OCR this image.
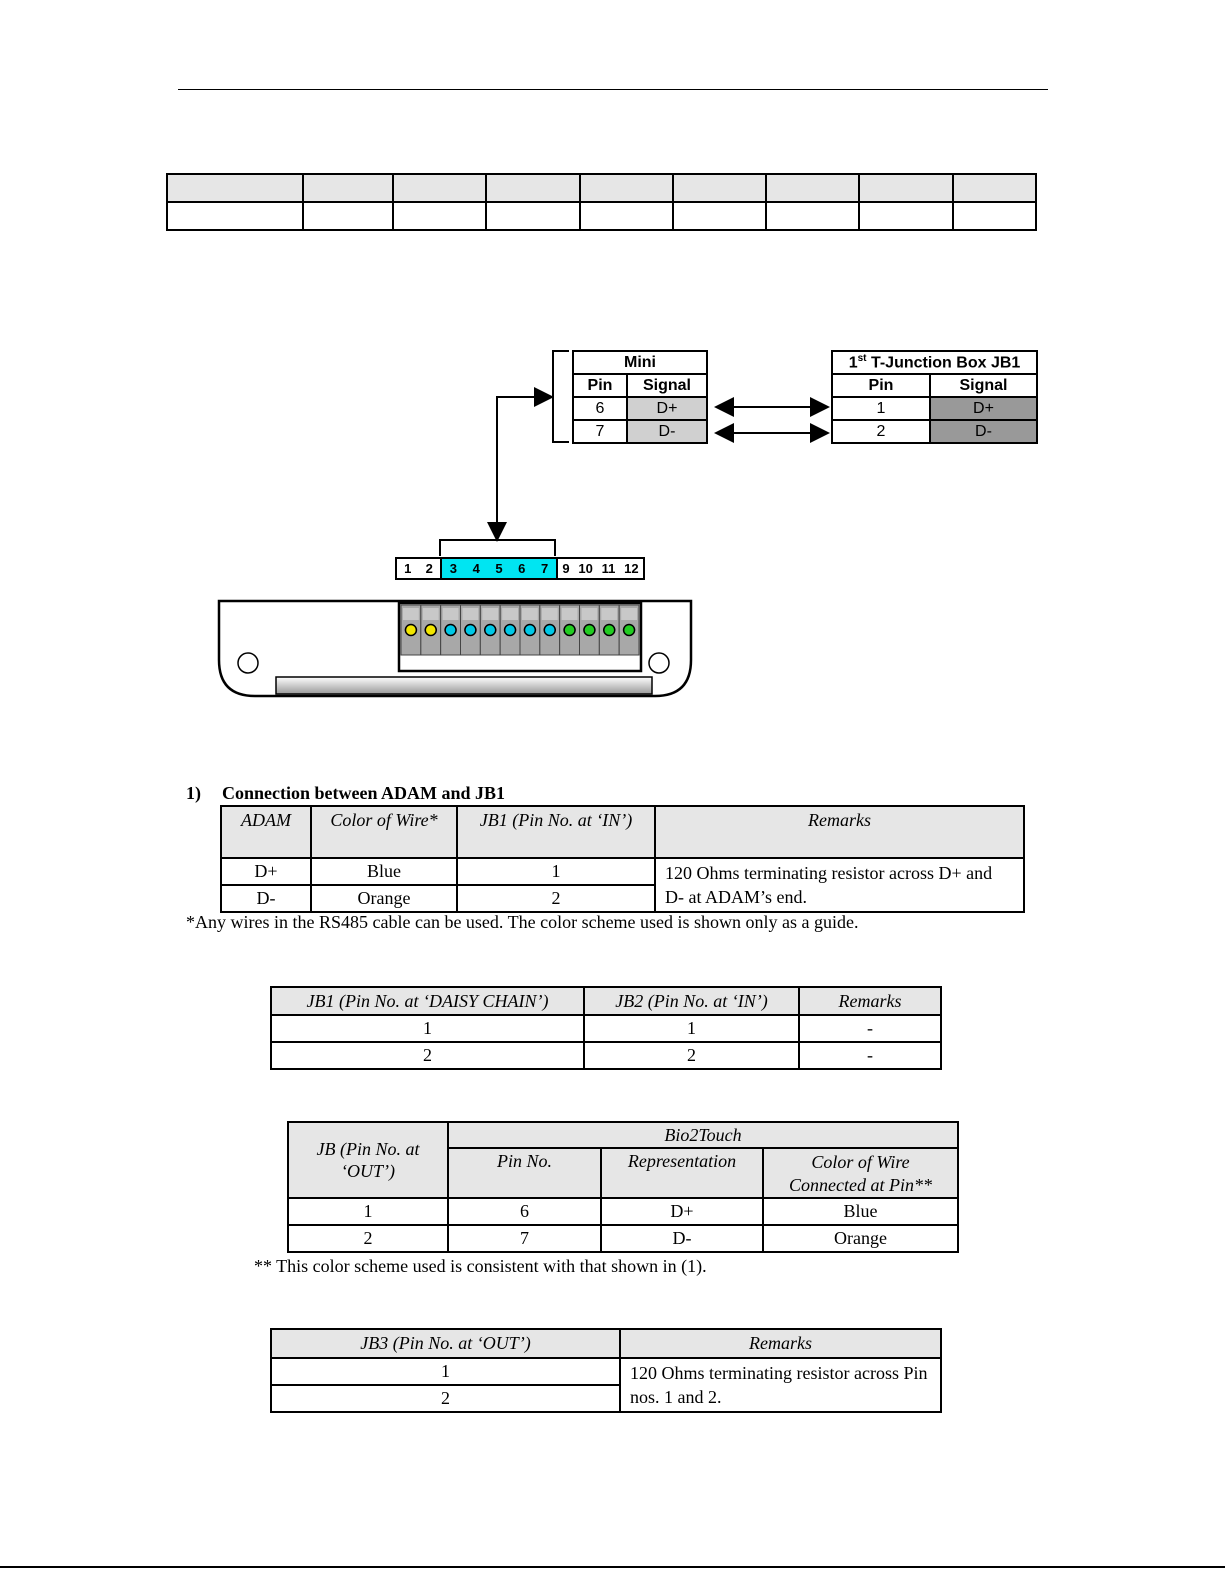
Mini	
Pin	Signal
6	D+
7	D-
1st T-Junction Box JB1	
Pin	Signal
1	D+
2	D-
1 2 3 4 5 6 7 9 10 11 12
1) Connection between ADAM and JB1
ADAM	Color of Wire*	JB1 (Pin No. at ‘IN’)	Remarks
D+	Blue	1	120 Ohms terminating resistor across D+ and D- at ADAM’s end.
D-	Orange	2	
*Any wires in the RS485 cable can be used. The color scheme used is shown only as a guide.
JB1 (Pin No. at ‘DAISY CHAIN’)	JB2 (Pin No. at ‘IN’)	Remarks
1	1	-
2	2	-
JB (Pin No. at ‘OUT’)	Bio2Touch		
	Pin No.	Representation	Color of Wire Connected at Pin**
1	6	D+	Blue
2	7	D-	Orange
** This color scheme used is consistent with that shown in (1).
JB3 (Pin No. at ‘OUT’)	Remarks
1	120 Ohms terminating resistor across Pin nos. 1 and 2.
2	
